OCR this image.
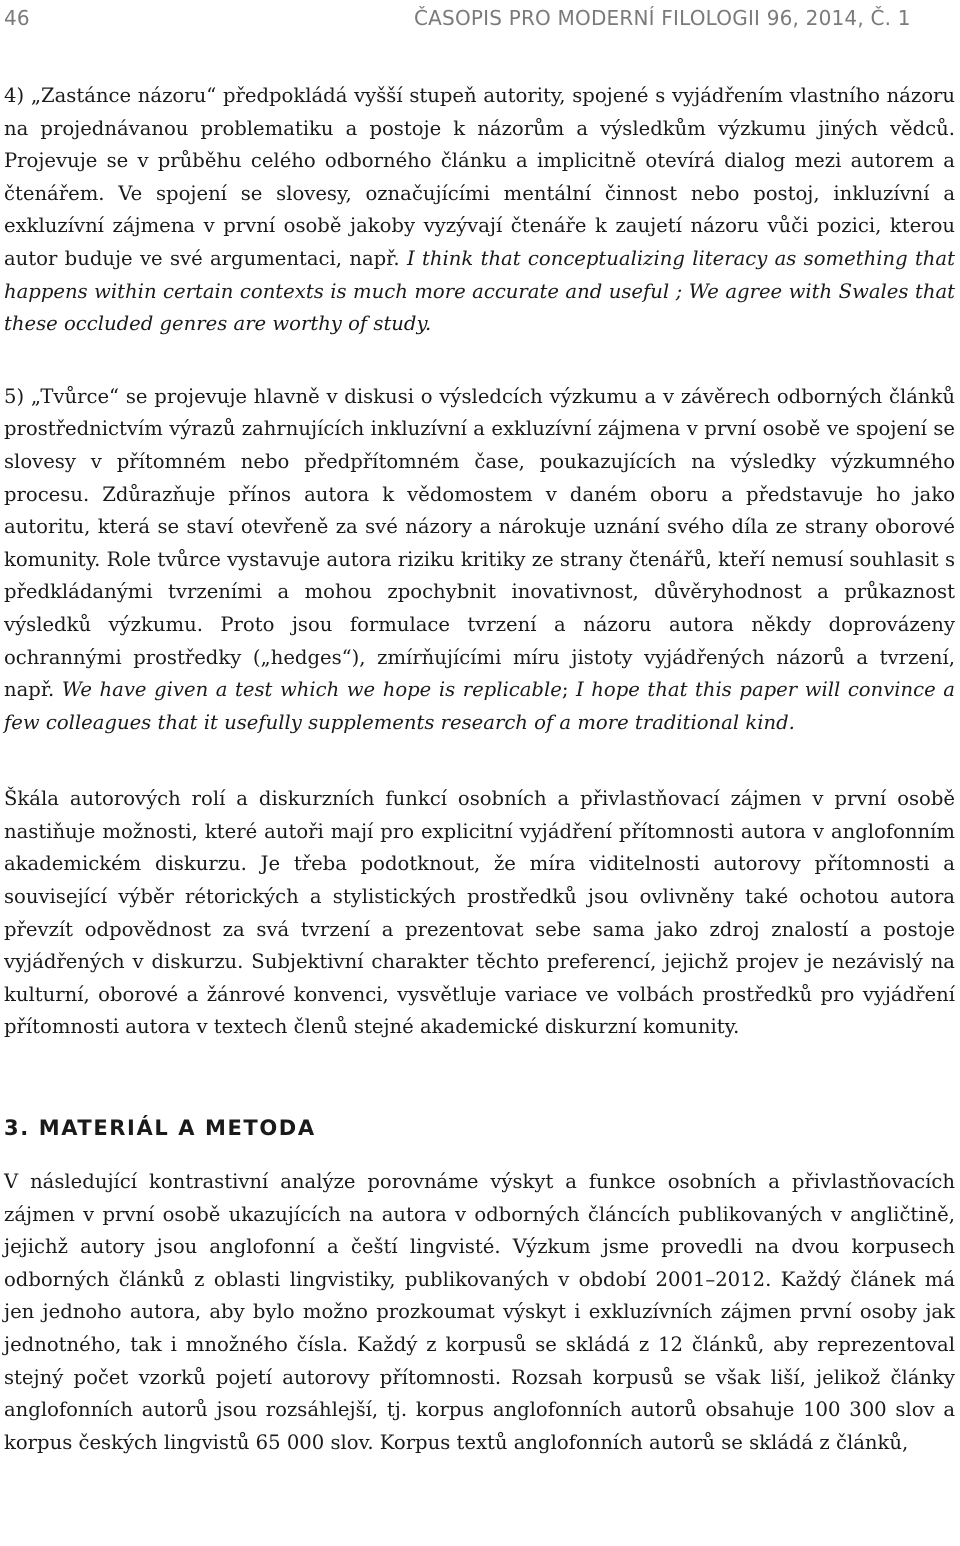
46	ČASOPIS PRO MODERNÍ FILOLOGII 96, 2014, Č. 1

4) „Zastánce názoru“ předpokládá vyšší stupeň autority, spojené s vyjádřením vlastního názoru na projednávanou problematiku a postoje k názorům a výsledkům výzkumu jiných vědců. Projevuje se v průběhu celého odborného článku a implicitně otevírá dialog mezi autorem a čtenářem. Ve spojení se slovesy, označujícími mentální činnost nebo postoj, inkluzívní a exkluzívní zájmena v první osobě jakoby vyzývají čtenáře k zaujetí názoru vůči pozici, kterou autor buduje ve své argumentaci, např. I think that conceptualizing literacy as something that happens within certain contexts is much more accurate and useful ; We agree with Swales that these occluded genres are worthy of study.

5) „Tvůrce“ se projevuje hlavně v diskusi o výsledcích výzkumu a v závěrech odborných článků prostřednictvím výrazů zahrnujících inkluzívní a exkluzívní zájmena v první osobě ve spojení se slovesy v přítomném nebo předpřítomném čase, poukazujících na výsledky výzkumného procesu. Zdůrazňuje přínos autora k vědomostem v daném oboru a představuje ho jako autoritu, která se staví otevřeně za své názory a nárokuje uznání svého díla ze strany oborové komunity. Role tvůrce vystavuje autora riziku kritiky ze strany čtenářů, kteří nemusí souhlasit s předkládanými tvrzeními a mohou zpochybnit inovativnost, důvěryhodnost a průkaznost výsledků výzkumu. Proto jsou formulace tvrzení a názoru autora někdy doprovázeny ochrannými prostředky („hedges“), zmírňujícími míru jistoty vyjádřených názorů a tvrzení, např. We have given a test which we hope is replicable; I hope that this paper will convince a few colleagues that it usefully supplements research of a more traditional kind.

Škála autorových rolí a diskurzních funkcí osobních a přivlastňovací zájmen v první osobě nastiňuje možnosti, které autoři mají pro explicitní vyjádření přítomnosti autora v anglofonním akademickém diskurzu. Je třeba podotknout, že míra viditelnosti autorovy přítomnosti a související výběr rétorických a stylistických prostředků jsou ovlivněny také ochotou autora převzít odpovědnost za svá tvrzení a prezentovat sebe sama jako zdroj znalostí a postoje vyjádřených v diskurzu. Subjektivní charakter těchto preferencí, jejichž projev je nezávislý na kulturní, oborové a žánrové konvenci, vysvětluje variace ve volbách prostředků pro vyjádření přítomnosti autora v textech členů stejné akademické diskurzní komunity.

3. MATERIÁL A METODA

V následující kontrastivní analýze porovnáme výskyt a funkce osobních a přivlastňovacích zájmen v první osobě ukazujících na autora v odborných článcích publikovaných v angličtině, jejichž autory jsou anglofonní a čeští lingvisté. Výzkum jsme provedli na dvou korpusech odborných článků z oblasti lingvistiky, publikovaných v období 2001–2012. Každý článek má jen jednoho autora, aby bylo možno prozkoumat výskyt i exkluzívních zájmen první osoby jak jednotného, tak i množného čísla. Každý z korpusů se skládá z 12 článků, aby reprezentoval stejný počet vzorků pojetí autorovy přítomnosti. Rozsah korpusů se však liší, jelikož články anglofonních autorů jsou rozsáhlejší, tj. korpus anglofonních autorů obsahuje 100 300 slov a korpus českých lingvistů 65 000 slov. Korpus textů anglofonních autorů se skládá z článků,
